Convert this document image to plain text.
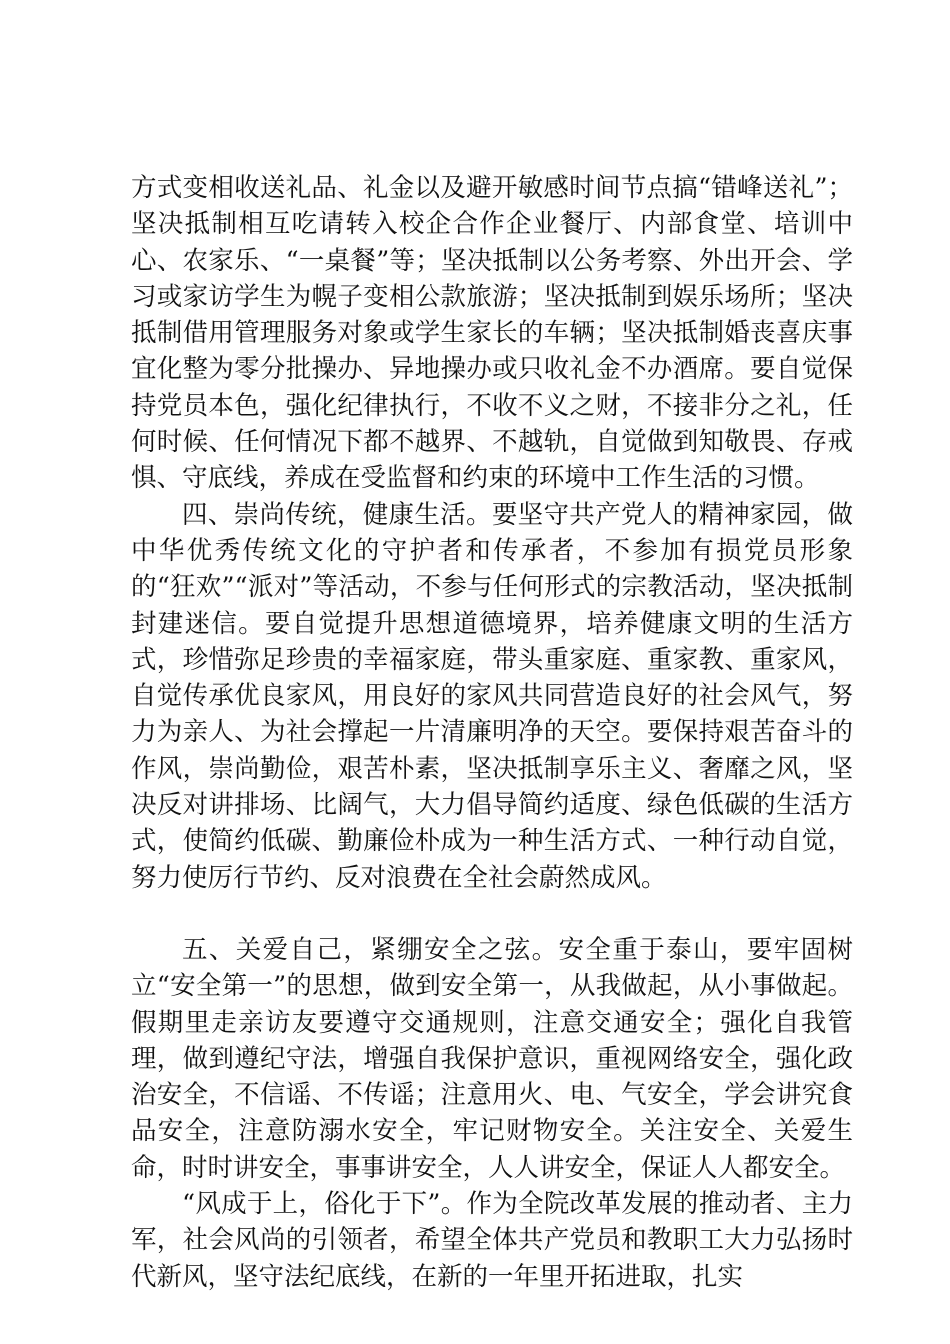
方式变相收送礼品、礼金以及避开敏感时间节点搞“错峰送礼”；坚决抵制相互吃请转入校企合作企业餐厅、内部食堂、培训中心、农家乐、“一桌餐”等；坚决抵制以公务考察、外出开会、学习或家访学生为幌子变相公款旅游；坚决抵制到娱乐场所；坚决抵制借用管理服务对象或学生家长的车辆；坚决抵制婚丧喜庆事宜化整为零分批操办、异地操办或只收礼金不办酒席。要自觉保持党员本色，强化纪律执行，不收不义之财，不接非分之礼，任何时候、任何情况下都不越界、不越轨，自觉做到知敬畏、存戒惧、守底线，养成在受监督和约束的环境中工作生活的习惯。

四、崇尚传统，健康生活。要坚守共产党人的精神家园，做中华优秀传统文化的守护者和传承者，不参加有损党员形象的“狂欢”“派对”等活动，不参与任何形式的宗教活动，坚决抵制封建迷信。要自觉提升思想道德境界，培养健康文明的生活方式，珍惜弥足珍贵的幸福家庭，带头重家庭、重家教、重家风，自觉传承优良家风，用良好的家风共同营造良好的社会风气，努力为亲人、为社会撑起一片清廉明净的天空。要保持艰苦奋斗的作风，崇尚勤俭，艰苦朴素，坚决抵制享乐主义、奢靡之风，坚决反对讲排场、比阔气，大力倡导简约适度、绿色低碳的生活方式，使简约低碳、勤廉俭朴成为一种生活方式、一种行动自觉，努力使厉行节约、反对浪费在全社会蔚然成风。

五、关爱自己，紧绷安全之弦。安全重于泰山，要牢固树立“安全第一”的思想，做到安全第一，从我做起，从小事做起。假期里走亲访友要遵守交通规则，注意交通安全；强化自我管理，做到遵纪守法，增强自我保护意识，重视网络安全，强化政治安全，不信谣、不传谣；注意用火、电、气安全，学会讲究食品安全，注意防溺水安全，牢记财物安全。关注安全、关爱生命，时时讲安全，事事讲安全，人人讲安全，保证人人都安全。

“风成于上，俗化于下”。作为全院改革发展的推动者、主力军，社会风尚的引领者，希望全体共产党员和教职工大力弘扬时代新风，坚守法纪底线，在新的一年里开拓进取，扎实
